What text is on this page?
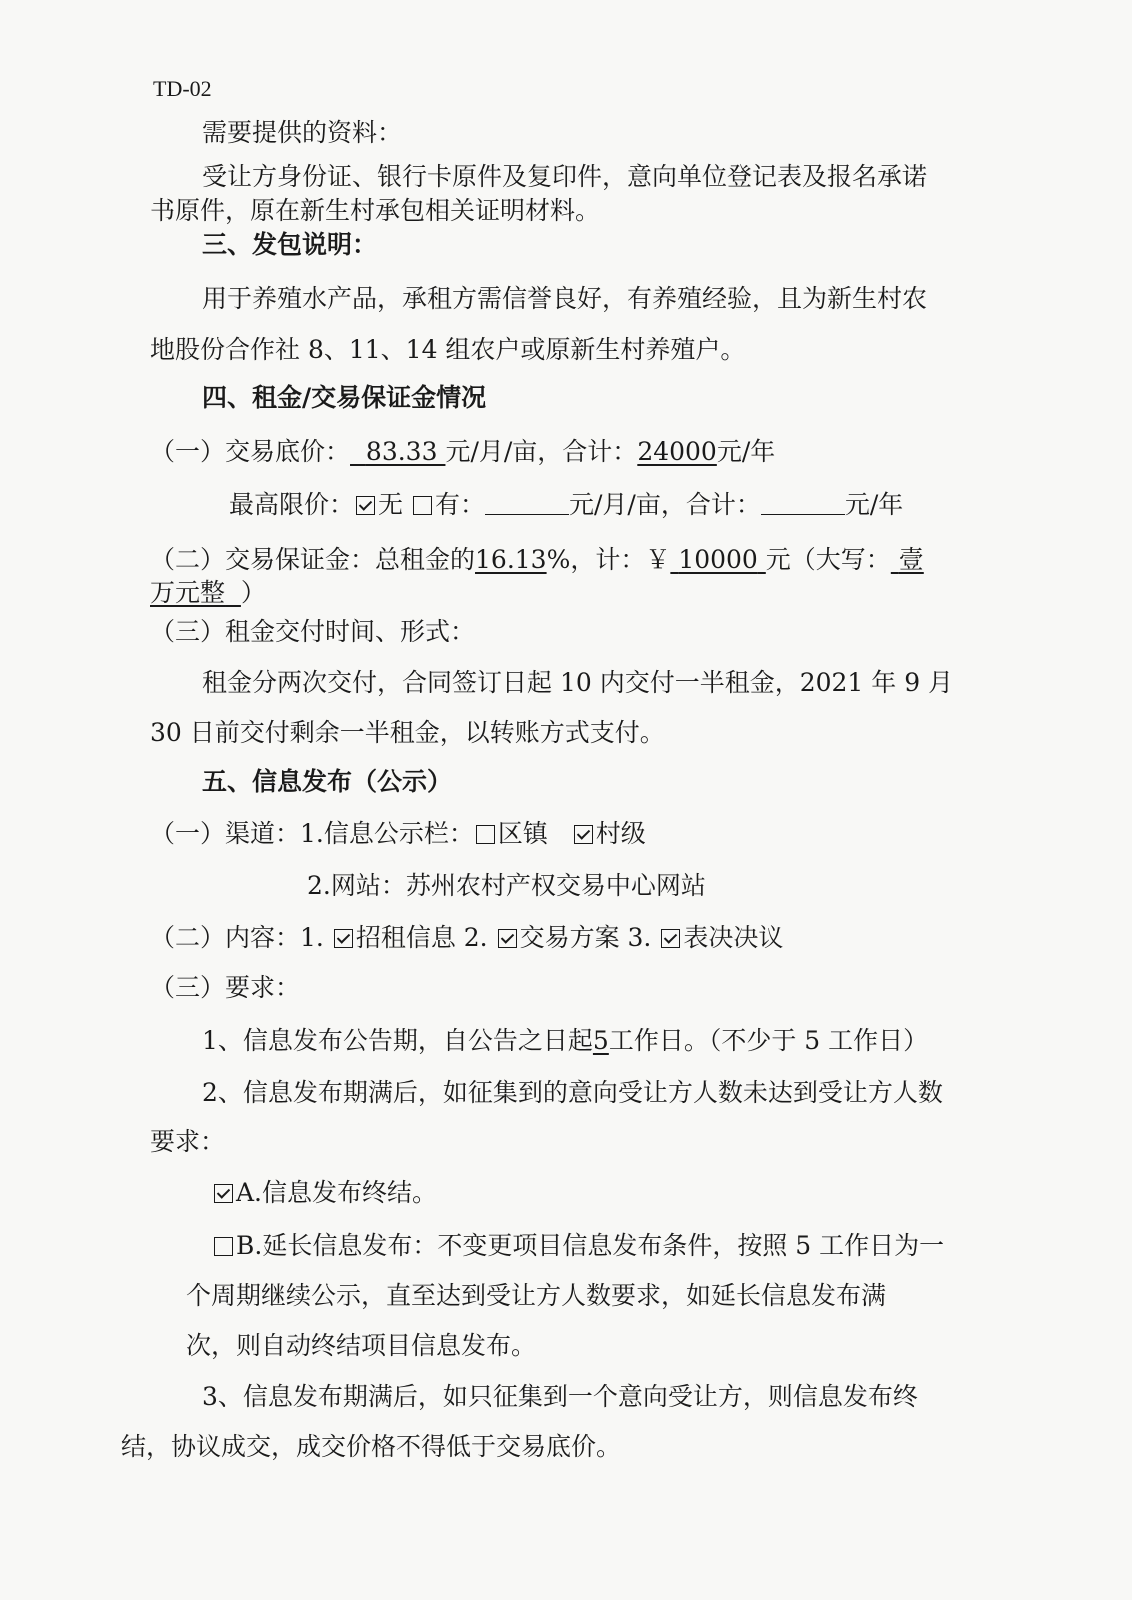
TD-02
需要提供的资料：
受让方身份证、银行卡原件及复印件，意向单位登记表及报名承诺
书原件，原在新生村承包相关证明材料。
三、发包说明：
用于养殖水产品，承租方需信誉良好，有养殖经验，且为新生村农
地股份合作社 8、11、14 组农户或原新生村养殖户。
四、租金/交易保证金情况
（一）交易底价： 83.33 元/月/亩，合计：24000元/年
最高限价： 无 有：	元/月/亩，合计：	元/年
（二）交易保证金：总租金的16.13%，计：￥ 10000 元（大写： 壹
万元整 ）
（三）租金交付时间、形式：
租金分两次交付，合同签订日起 10 内交付一半租金，2021 年 9 月
30 日前交付剩余一半租金，以转账方式支付。
五、信息发布（公示）
（一）渠道：1.信息公示栏： 区镇 村级
2.网站：苏州农村产权交易中心网站
（二）内容：1. 招租信息 2. 交易方案 3. 表决决议
（三）要求：
1、信息发布公告期，自公告之日起5工作日。（不少于 5 工作日）
2、信息发布期满后，如征集到的意向受让方人数未达到受让方人数
要求：
A.信息发布终结。
B.延长信息发布：不变更项目信息发布条件，按照 5 工作日为一
个周期继续公示，直至达到受让方人数要求，如延长信息发布满
次，则自动终结项目信息发布。
3、信息发布期满后，如只征集到一个意向受让方，则信息发布终
结，协议成交，成交价格不得低于交易底价。
